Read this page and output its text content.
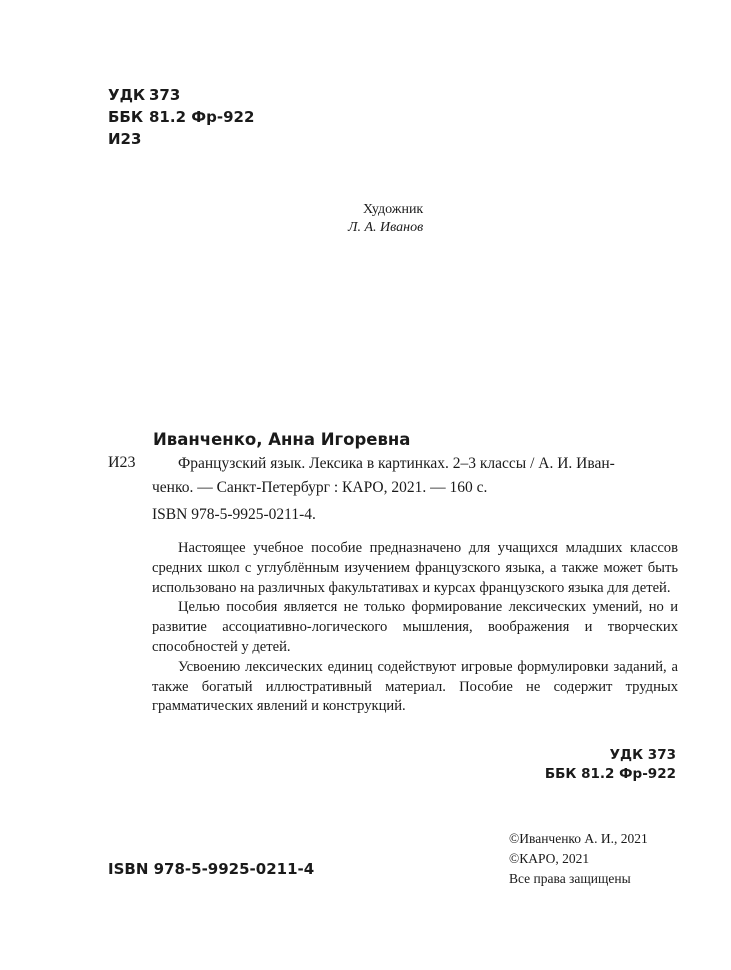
УДК 373
ББК 81.2 Фр-922
И23
Художник
Л. А. Иванов
Иванченко, Анна Игоревна
И23	Французский язык. Лексика в картинках. 2–3 классы / А. И. Иван-
ченко. — Санкт-Петербург : КАРО, 2021. — 160 с.
ISBN 978-5-9925-0211-4.

Настоящее учебное пособие предназначено для учащихся младших классов средних школ с углублённым изучением французского языка, а также может быть использовано на различных факультативах и курсах французского языка для детей.

Целью пособия является не только формирование лексических умений, но и развитие ассоциативно-логического мышления, воображения и творческих способностей у детей.

Усвоению лексических единиц содействуют игровые формулировки заданий, а также богатый иллюстративный материал. Пособие не содержит трудных грамматических явлений и конструкций.

УДК 373
ББК 81.2 Фр-922
©Иванченко А. И., 2021
©КАРО, 2021
Все права защищены
ISBN 978-5-9925-0211-4
